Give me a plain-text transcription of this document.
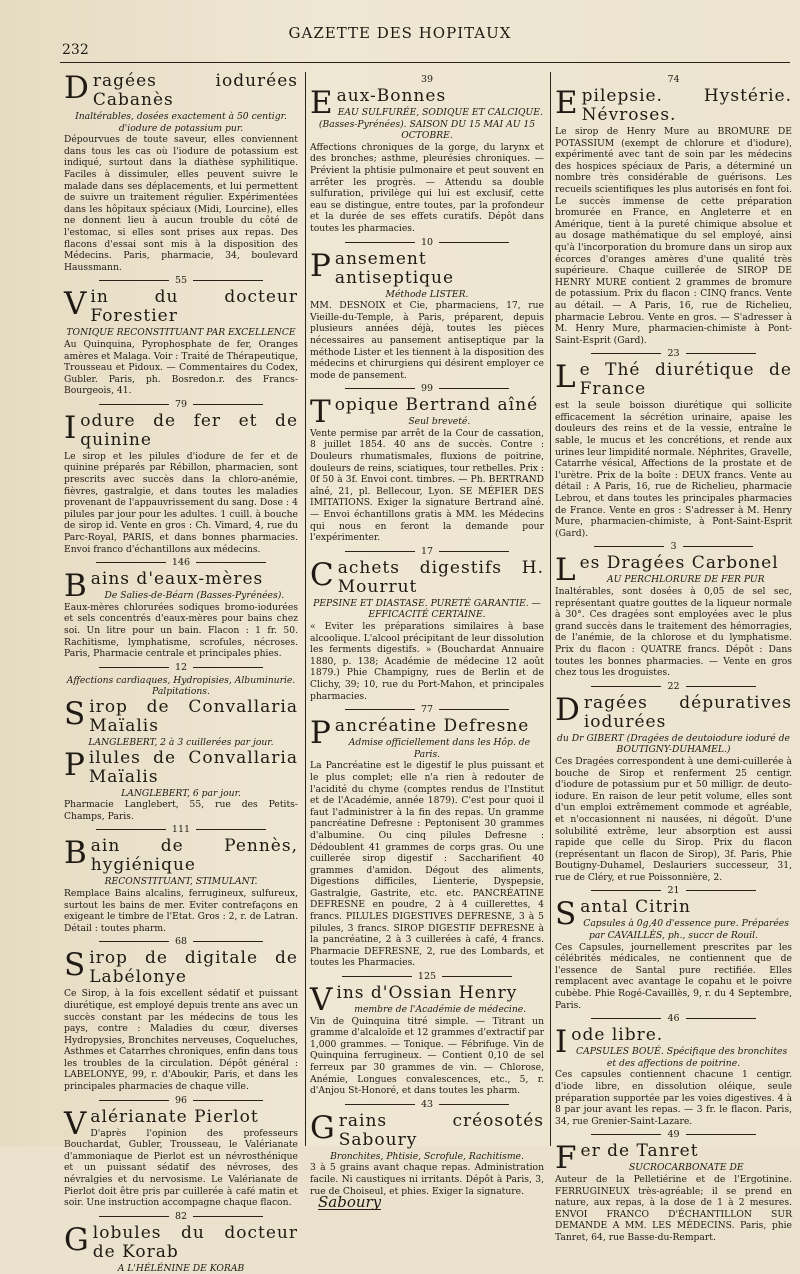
232
GAZETTE DES HOPITAUX
Dragées iodurées Cabanès

Inaltérables, dosées exactement à 50 centigr. d'iodure de potassium pur.

Dépourvues de toute saveur, elles conviennent dans tous les cas où l'iodure de potassium est indiqué, surtout dans la diathèse syphilitique. Faciles à dissimuler, elles peuvent suivre le malade dans ses déplacements, et lui permettent de suivre un traitement régulier. Expérimentées dans les hôpitaux spéciaux (Midi, Lourcine), elles ne donnent lieu à aucun trouble du côté de l'estomac, si elles sont prises aux repas. Des flacons d'essai sont mis à la disposition des Médecins. Paris, pharmacie, 34, boulevard Haussmann.

55
Vin du docteur Forestier

TONIQUE RECONSTITUANT PAR EXCELLENCE

Au Quinquina, Pyrophosphate de fer, Oranges amères et Malaga. Voir : Traité de Thérapeutique, Trousseau et Pidoux. — Commentaires du Codex, Gubler. Paris, ph. Bosredon.r. des Francs-Bourgeois, 41.

79
Iodure de fer et de quinine

Le sirop et les pilules d'iodure de fer et de quinine préparés par Rébillon, pharmacien, sont prescrits avec succès dans la chloro-anémie, fièvres, gastralgie, et dans toutes les maladies provenant de l'appauvrissement du sang. Dose : 4 pilules par jour pour les adultes. 1 cuill. à bouche de sirop id. Vente en gros : Ch. Vimard, 4, rue du Parc-Royal, PARIS, et dans bonnes pharmacies. Envoi franco d'échantillons aux médecins.

146
Bains d'eaux-mères

De Salies-de-Béarn (Basses-Pyrénées).

Eaux-mères chlorurées sodiques bromo-iodurées et sels concentrés d'eaux-mères pour bains chez soi. Un litre pour un bain. Flacon : 1 fr. 50. Rachitisme, lymphatisme, scrofules, nécroses. Paris, Pharmacie centrale et principales phies.

12

Affections cardiaques, Hydropisies, Albuminurie. Palpitations.

Sirop de Convallaria Maïalis

LANGLEBERT, 2 à 3 cuillerées par jour.

Pilules de Convallaria Maïalis

LANGLEBERT, 6 par jour.

Pharmacie Langlebert, 55, rue des Petits-Champs, Paris.

111
Bain de Pennès, hygiénique

RECONSTITUANT, STIMULANT.

Remplace Bains alcalins, ferrugineux, sulfureux, surtout les bains de mer. Eviter contrefaçons en exigeant le timbre de l'Etat. Gros : 2, r. de Latran. Détail : toutes pharm.

68
Sirop de digitale de Labélonye

Ce Sirop, à la fois excellent sédatif et puissant diurétique, est employé depuis trente ans avec un succès constant par les médecins de tous les pays, contre : Maladies du cœur, diverses Hydropysies, Bronchites nerveuses, Coqueluches, Asthmes et Catarrhes chroniques, enfin dans tous les troubles de la circulation. Dépôt général : LABELONYE, 99, r. d'Aboukir, Paris, et dans les principales pharmacies de chaque ville.

96
Valérianate Pierlot

D'après l'opinion des professeurs Bouchardat, Gubler, Trousseau, le Valérianate d'ammoniaque de Pierlot est un névrosthénique et un puissant sédatif des névroses, des névralgies et du nervosisme. Le Valérianate de Pierlot doit être pris par cuillerée à café matin et soir. Une instruction accompagne chaque flacon.

82
Globules du docteur de Korab

A L'HÉLÉNINE DE KORAB

39
Eaux-Bonnes

EAU SULFURÉE, SODIQUE ET CALCIQUE. (Basses-Pyrénées). SAISON DU 15 MAI AU 15 OCTOBRE.

Affections chroniques de la gorge, du larynx et des bronches; asthme, pleurésies chroniques. — Prévient la phtisie pulmonaire et peut souvent en arrêter les progrès. — Attendu sa double sulfuration, privilège qui lui est exclusif, cette eau se distingue, entre toutes, par la profondeur et la durée de ses effets curatifs. Dépôt dans toutes les pharmacies.

10
Pansement antiseptique

Méthode LISTER.

MM. DESNOIX et Cie, pharmaciens, 17, rue Vieille-du-Temple, à Paris, préparent, depuis plusieurs années déjà, toutes les pièces nécessaires au pansement antiseptique par la méthode Lister et les tiennent à la disposition des médecins et chirurgiens qui désirent employer ce mode de pansement.

99
Topique Bertrand aîné

Seul breveté.

Vente permise par arrêt de la Cour de cassation, 8 juillet 1854. 40 ans de succès. Contre : Douleurs rhumatismales, fluxions de poitrine, douleurs de reins, sciatiques, tour retbelles. Prix : 0f 50 à 3f. Envoi cont. timbres. — Ph. BERTRAND aîné, 21, pl. Bellecour, Lyon. SE MÉFIER DES IMITATIONS. Exiger la signature Bertrand aîné. — Envoi échantillons gratis à MM. les Médecins qui nous en feront la demande pour l'expérimenter.

17
Cachets digestifs H. Mourrut

PEPSINE ET DIASTASE. PURETÉ GARANTIE. — EFFICACITÉ CERTAINE.

« Eviter les préparations similaires à base alcoolique. L'alcool précipitant de leur dissolution les ferments digestifs. » (Bouchardat Annuaire 1880, p. 138; Académie de médecine 12 août 1879.) Phie Champigny, rues de Berlin et de Clichy, 39; 10, rue du Port-Mahon, et principales pharmacies.

77
Pancréatine Defresne

Admise officiellement dans les Hôp. de Paris.

La Pancréatine est le digestif le plus puissant et le plus complet; elle n'a rien à redouter de l'acidité du chyme (comptes rendus de l'Institut et de l'Académie, année 1879). C'est pour quoi il faut l'administrer à la fin des repas. Un gramme pancréatine Defresne : Peptonisent 30 grammes d'albumine. Ou cinq pilules Defresne : Dédoublent 41 grammes de corps gras. Ou une cuillerée sirop digestif : Saccharifient 40 grammes d'amidon. Dégout des aliments, Digestions difficiles, Lienterie, Dyspepsie, Gastralgie, Gastrite, etc. etc. PANCRÉATINE DEFRESNE en poudre, 2 à 4 cuillerettes, 4 francs. PILULES DIGESTIVES DEFRESNE, 3 à 5 pilules, 3 francs. SIROP DIGESTIF DEFRESNE à la pancréatine, 2 à 3 cuillerées à café, 4 francs. Pharmacie DEFRESNE, 2, rue des Lombards, et toutes les Pharmacies.

125
Vins d'Ossian Henry

membre de l'Académie de médecine.

Vin de Quinquina titré simple. — Titrant un gramme d'alcaloïde et 12 grammes d'extractif par 1,000 grammes. — Tonique. — Fébrifuge. Vin de Quinquina ferrugineux. — Contient 0,10 de sel ferreux par 30 grammes de vin. — Chlorose, Anémie, Longues convalescences, etc., 5, r. d'Anjou St-Honoré, et dans toutes les pharm.

43
Grains créosotés Saboury

Bronchites, Phtisie, Scrofule, Rachitisme.

3 à 5 grains avant chaque repas. Administration facile. Ni caustiques ni irritants. Dépôt à Paris, 3, rue de Choiseul, et phies. Exiger la signature.

Saboury
74
Epilepsie. Hystérie. Névroses.

Le sirop de Henry Mure au BROMURE DE POTASSIUM (exempt de chlorure et d'iodure), expérimenté avec tant de soin par les médecins des hospices spéciaux de Paris, a déterminé un nombre très considérable de guérisons. Les recueils scientifiques les plus autorisés en font foi. Le succès immense de cette préparation bromurée en France, en Angleterre et en Amérique, tient à la pureté chimique absolue et au dosage mathématique du sel employé, ainsi qu'à l'incorporation du bromure dans un sirop aux écorces d'oranges amères d'une qualité très supérieure. Chaque cuillerée de SIROP DE HENRY MURE contient 2 grammes de bromure de potassium. Prix du flacon : CINQ francs. Vente au détail. — A Paris, 16, rue de Richelieu, pharmacie Lebrou. Vente en gros. — S'adresser à M. Henry Mure, pharmacien-chimiste à Pont-Saint-Esprit (Gard).

23
Le Thé diurétique de France

est la seule boisson diurétique qui sollicite efficacement la sécrétion urinaire, apaise les douleurs des reins et de la vessie, entraîne le sable, le mucus et les concrétions, et rende aux urines leur limpidité normale. Néphrites, Gravelle, Catarrhe vésical, Affections de la prostate et de l'urètre. Prix de la boîte : DEUX francs. Vente au détail : A Paris, 16, rue de Richelieu, pharmacie Lebrou, et dans toutes les principales pharmacies de France. Vente en gros : S'adresser à M. Henry Mure, pharmacien-chimiste, à Pont-Saint-Esprit (Gard).

3
Les Dragées Carbonel

AU PERCHLORURE DE FER PUR

Inaltérables, sont dosées à 0,05 de sel sec, représentant quatre gouttes de la liqueur normale à 30°. Ces dragées sont employées avec le plus grand succès dans le traitement des hémorragies, de l'anémie, de la chlorose et du lymphatisme. Prix du flacon : QUATRE francs. Dépôt : Dans toutes les bonnes pharmacies. — Vente en gros chez tous les droguistes.

22
Dragées dépuratives iodurées

du Dr GIBERT (Dragées de deutoiodure ioduré de BOUTIGNY-DUHAMEL.)

Ces Dragées correspondent à une demi-cuillerée à bouche de Sirop et renferment 25 centigr. d'iodure de potassium pur et 50 milligr. de deuto-iodure. En raison de leur petit volume, elles sont d'un emploi extrêmement commode et agréable, et n'occasionnent ni nausées, ni dégoût. D'une solubilité extrême, leur absorption est aussi rapide que celle du Sirop. Prix du flacon (représentant un flacon de Sirop), 3f. Paris, Phie Boutigny-Duhamel, Deslauriers successeur, 31, rue de Cléry, et rue Poissonnière, 2.

21
Santal Citrin

Capsules à 0g,40 d'essence pure. Préparées par CAVAILLÈS, ph., succr de Rouil.

Ces Capsules, journellement prescrites par les célébrités médicales, ne contiennent que de l'essence de Santal pure rectifiée. Elles remplacent avec avantage le copahu et le poivre cubèbe. Phie Rogé-Cavaillès, 9, r. du 4 Septembre, Paris.

46
Iode libre.

CAPSULES BOUÉ. Spécifique des bronchites et des affections de poitrine.

Ces capsules contiennent chacune 1 centigr. d'iode libre, en dissolution oléique, seule préparation supportée par les voies digestives. 4 à 8 par jour avant les repas. — 3 fr. le flacon. Paris, 34, rue Grenier-Saint-Lazare.

49
Fer de Tanret

SUCROCARBONATE DE

Auteur de la Pelletiérine et de l'Ergotinine. FERRUGINEUX très-agréable; il se prend en nature, aux repas, à la dose de 1 à 2 mesures. ENVOI FRANCO D'ÉCHANTILLON SUR DEMANDE A MM. LES MÉDECINS. Paris, phie Tanret, 64, rue Basse-du-Rempart.
